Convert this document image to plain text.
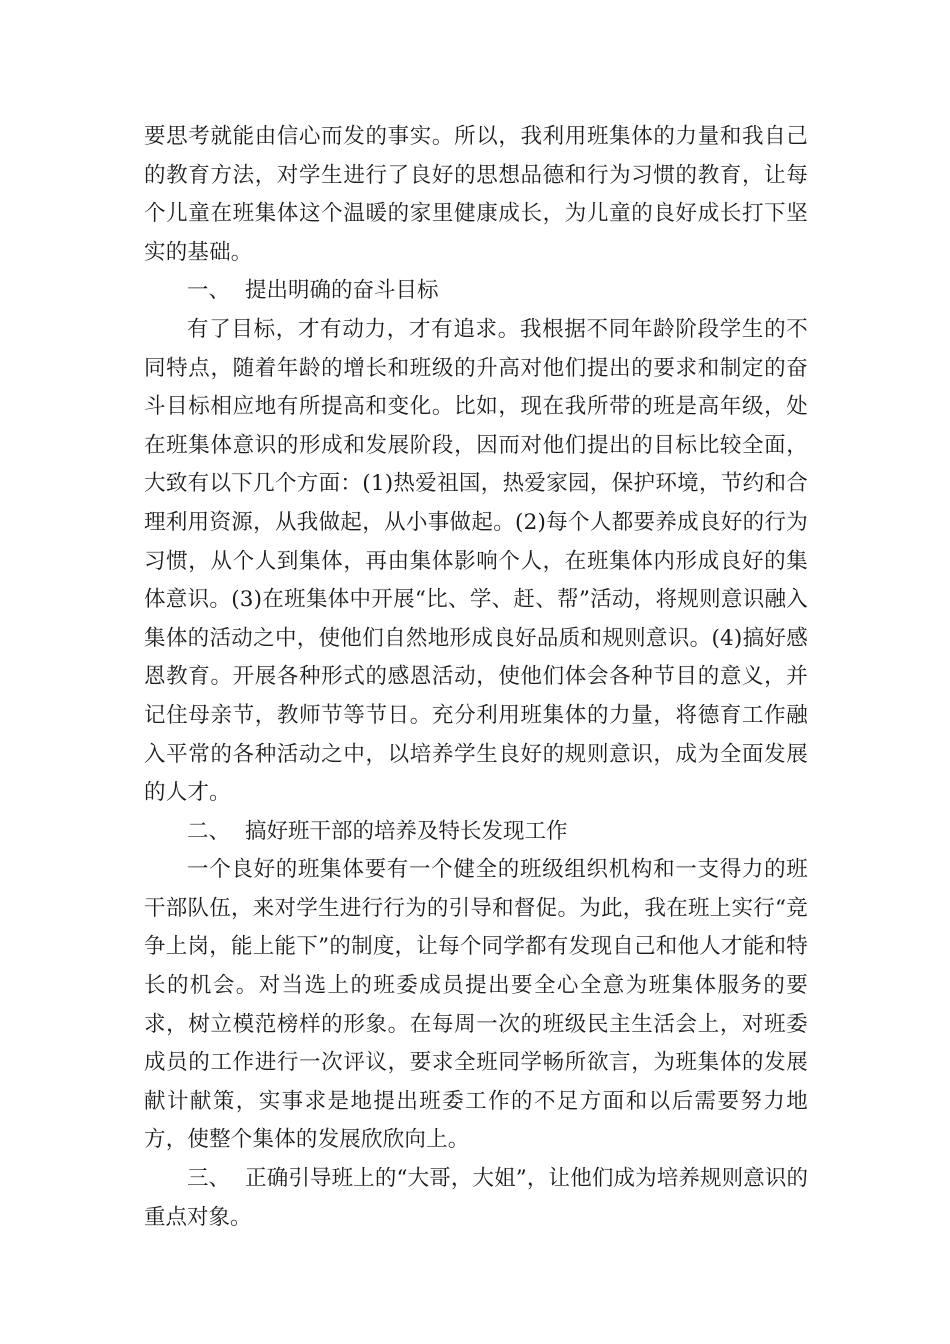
要思考就能由信心而发的事实。所以，我利用班集体的力量和我自己的教育方法，对学生进行了良好的思想品德和行为习惯的教育，让每个儿童在班集体这个温暖的家里健康成长，为儿童的良好成长打下坚实的基础。

一、 提出明确的奋斗目标

有了目标，才有动力，才有追求。我根据不同年龄阶段学生的不同特点，随着年龄的增长和班级的升高对他们提出的要求和制定的奋斗目标相应地有所提高和变化。比如，现在我所带的班是高年级，处在班集体意识的形成和发展阶段，因而对他们提出的目标比较全面，大致有以下几个方面：(1)热爱祖国，热爱家园，保护环境，节约和合理利用资源，从我做起，从小事做起。(2)每个人都要养成良好的行为习惯，从个人到集体，再由集体影响个人，在班集体内形成良好的集体意识。(3)在班集体中开展“比、学、赶、帮”活动，将规则意识融入集体的活动之中，使他们自然地形成良好品质和规则意识。(4)搞好感恩教育。开展各种形式的感恩活动，使他们体会各种节目的意义，并记住母亲节，教师节等节日。充分利用班集体的力量，将德育工作融入平常的各种活动之中，以培养学生良好的规则意识，成为全面发展的人才。

二、 搞好班干部的培养及特长发现工作

一个良好的班集体要有一个健全的班级组织机构和一支得力的班干部队伍，来对学生进行行为的引导和督促。为此，我在班上实行“竞争上岗，能上能下”的制度，让每个同学都有发现自己和他人才能和特长的机会。对当选上的班委成员提出要全心全意为班集体服务的要求，树立模范榜样的形象。在每周一次的班级民主生活会上，对班委成员的工作进行一次评议，要求全班同学畅所欲言，为班集体的发展献计献策，实事求是地提出班委工作的不足方面和以后需要努力地方，使整个集体的发展欣欣向上。

三、 正确引导班上的“大哥，大姐”，让他们成为培养规则意识的重点对象。
